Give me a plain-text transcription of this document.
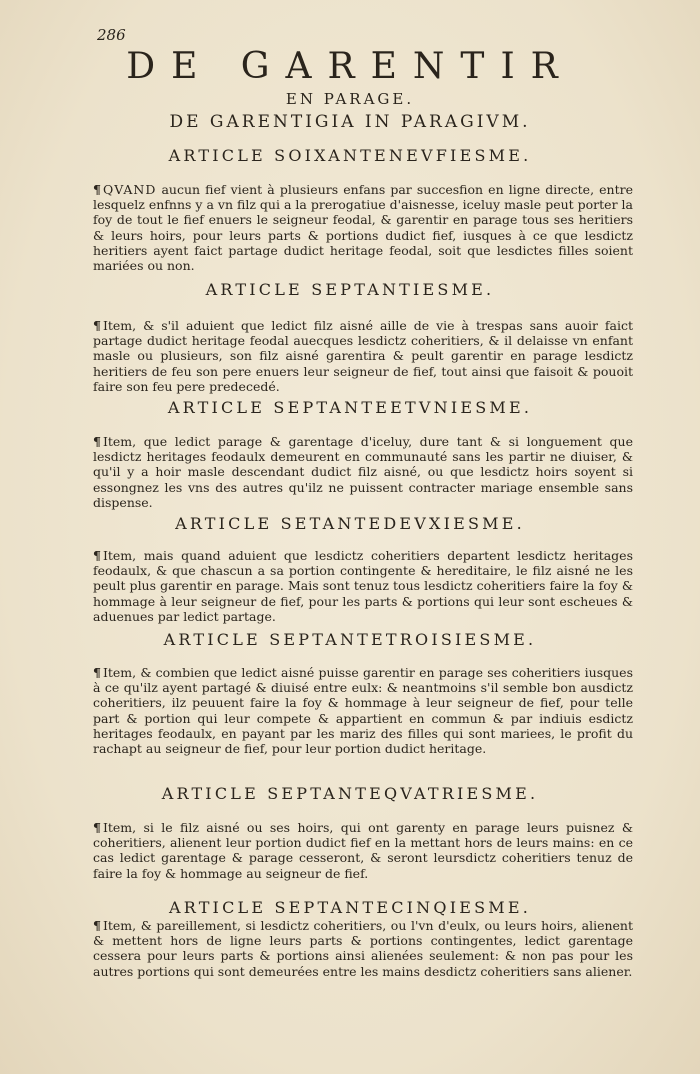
286
DE GARENTIR
EN PARAGE.
DE GARENTIGIA IN PARAGIVM.
ARTICLE SOIXANTENEVFIESME.
¶ QVAND aucun fief vient à plusieurs enfans par succesfion en ligne directe, entre lesquelz enfnns y a vn filz qui a la prerogatiue d'aisnesse, iceluy masle peut porter la foy de tout le fief enuers le seigneur feodal, & garentir en parage tous ses heritiers & leurs hoirs, pour leurs parts & portions dudict fief, iusques à ce que lesdictz heritiers ayent faict partage dudict heritage feodal, soit que lesdictes filles soient mariées ou non.
ARTICLE SEPTANTIESME.
¶ Item, & s'il aduient que ledict filz aisné aille de vie à trespas sans auoir faict partage dudict heritage feodal auecques lesdictz coheritiers, & il delaisse vn enfant masle ou plusieurs, son filz aisné garentira & peult garentir en parage lesdictz heritiers de feu son pere enuers leur seigneur de fief, tout ainsi que faisoit & pouoit faire son feu pere predecedé.
ARTICLE SEPTANTEETVNIESME.
¶ Item, que ledict parage & garentage d'iceluy, dure tant & si longuement que lesdictz heritages feodaulx demeurent en communauté sans les partir ne diuiser, & qu'il y a hoir masle descendant dudict filz aisné, ou que lesdictz hoirs soyent si essongnez les vns des autres qu'ilz ne puissent contracter mariage ensemble sans dispense.
ARTICLE SETANTEDEVXIESME.
¶ Item, mais quand aduient que lesdictz coheritiers departent lesdictz heritages feodaulx, & que chascun a sa portion contingente & hereditaire, le filz aisné ne les peult plus garentir en parage. Mais sont tenuz tous lesdictz coheritiers faire la foy & hommage à leur seigneur de fief, pour les parts & portions qui leur sont escheues & aduenues par ledict partage.
ARTICLE SEPTANTETROISIESME.
¶ Item, & combien que ledict aisné puisse garentir en parage ses coheritiers iusques à ce qu'ilz ayent partagé & diuisé entre eulx: & neantmoins s'il semble bon ausdictz coheritiers, ilz peuuent faire la foy & hommage à leur seigneur de fief, pour telle part & portion qui leur compete & appartient en commun & par indiuis esdictz heritages feodaulx, en payant par les mariz des filles qui sont mariees, le profit du rachapt au seigneur de fief, pour leur portion dudict heritage.
ARTICLE SEPTANTEQVATRIESME.
¶ Item, si le filz aisné ou ses hoirs, qui ont garenty en parage leurs puisnez & coheritiers, alienent leur portion dudict fief en la mettant hors de leurs mains: en ce cas ledict garentage & parage cesseront, & seront leursdictz coheritiers tenuz de faire la foy & hommage au seigneur de fief.
ARTICLE SEPTANTECINQIESME.
¶ Item, & pareillement, si lesdictz coheritiers, ou l'vn d'eulx, ou leurs hoirs, alienent & mettent hors de ligne leurs parts & portions contingentes, ledict garentage cessera pour leurs parts & portions ainsi alienées seulement: & non pas pour les autres portions qui sont demeurées entre les mains desdictz coheritiers sans aliener.
